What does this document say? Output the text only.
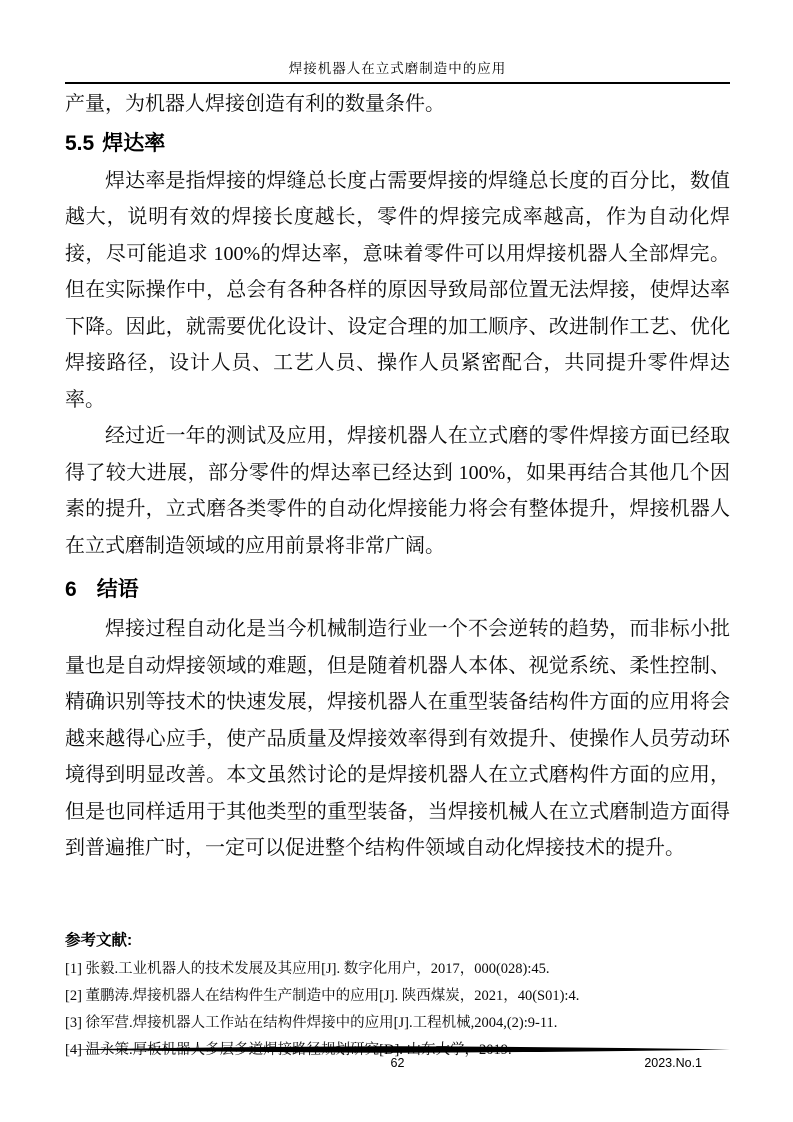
焊接机器人在立式磨制造中的应用

产量，为机器人焊接创造有利的数量条件。

5.5 焊达率

焊达率是指焊接的焊缝总长度占需要焊接的焊缝总长度的百分比，数值越大，说明有效的焊接长度越长，零件的焊接完成率越高，作为自动化焊接，尽可能追求 100%的焊达率，意味着零件可以用焊接机器人全部焊完。但在实际操作中，总会有各种各样的原因导致局部位置无法焊接，使焊达率下降。因此，就需要优化设计、设定合理的加工顺序、改进制作工艺、优化焊接路径，设计人员、工艺人员、操作人员紧密配合，共同提升零件焊达率。

经过近一年的测试及应用，焊接机器人在立式磨的零件焊接方面已经取得了较大进展，部分零件的焊达率已经达到 100%，如果再结合其他几个因素的提升，立式磨各类零件的自动化焊接能力将会有整体提升，焊接机器人在立式磨制造领域的应用前景将非常广阔。

6 结语

焊接过程自动化是当今机械制造行业一个不会逆转的趋势，而非标小批量也是自动焊接领域的难题，但是随着机器人本体、视觉系统、柔性控制、精确识别等技术的快速发展，焊接机器人在重型装备结构件方面的应用将会越来越得心应手，使产品质量及焊接效率得到有效提升、使操作人员劳动环境得到明显改善。本文虽然讨论的是焊接机器人在立式磨构件方面的应用，但是也同样适用于其他类型的重型装备，当焊接机械人在立式磨制造方面得到普遍推广时，一定可以促进整个结构件领域自动化焊接技术的提升。

参考文献:
[1] 张毅.工业机器人的技术发展及其应用[J]. 数字化用户，2017，000(028):45.
[2] 董鹏涛.焊接机器人在结构件生产制造中的应用[J]. 陕西煤炭，2021，40(S01):4.
[3] 徐军营.焊接机器人工作站在结构件焊接中的应用[J].工程机械,2004,(2):9-11.
62	2023.No.1
